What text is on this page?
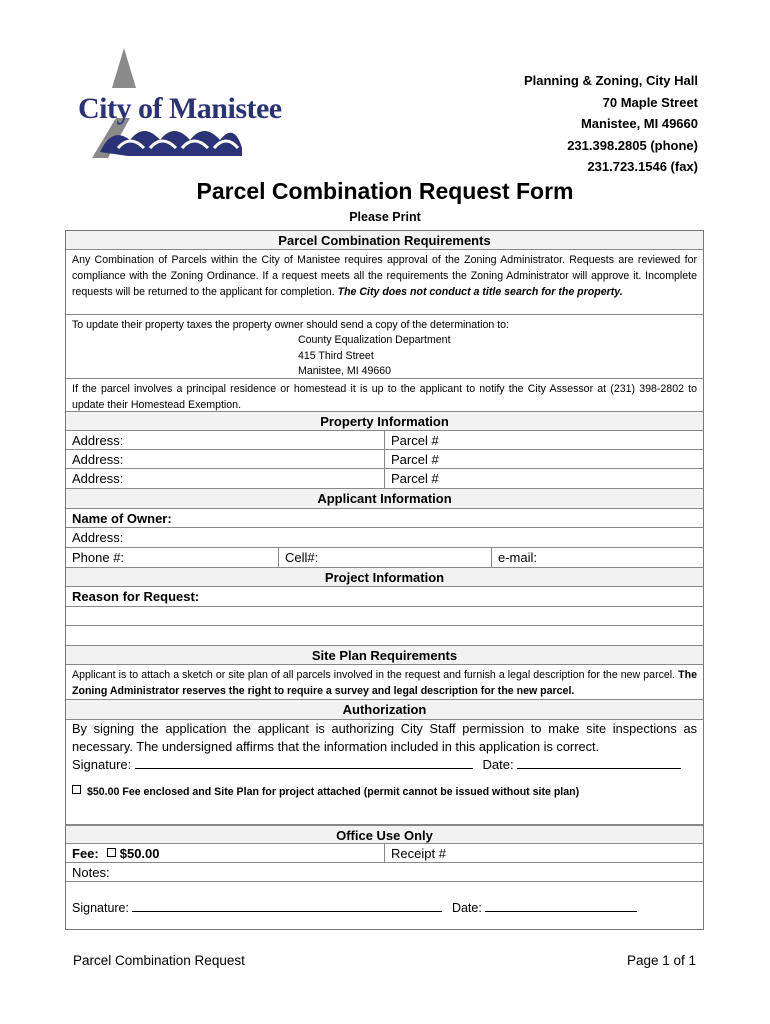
City of Manistee
Planning & Zoning, City Hall
70 Maple Street
Manistee, MI 49660
231.398.2805 (phone)
231.723.1546 (fax)
Parcel Combination Request Form
Please Print
Parcel Combination Requirements
Any Combination of Parcels within the City of Manistee requires approval of the Zoning Administrator. Requests are reviewed for compliance with the Zoning Ordinance. If a request meets all the requirements the Zoning Administrator will approve it. Incomplete requests will be returned to the applicant for completion. The City does not conduct a title search for the property.
To update their property taxes the property owner should send a copy of the determination to:
County Equalization Department
415 Third Street
Manistee, MI 49660
If the parcel involves a principal residence or homestead it is up to the applicant to notify the City Assessor at (231) 398-2802 to update their Homestead Exemption.
Property Information
Address:	Parcel #
Address:	Parcel #
Address:	Parcel #
Applicant Information
Name of Owner:
Address:
Phone #:	Cell#:	e-mail:
Project Information
Reason for Request:
Site Plan Requirements
Applicant is to attach a sketch or site plan of all parcels involved in the request and furnish a legal description for the new parcel. The Zoning Administrator reserves the right to require a survey and legal description for the new parcel.
Authorization
By signing the application the applicant is authorizing City Staff permission to make site inspections as necessary. The undersigned affirms that the information included in this application is correct.
Signature:	Date:
$50.00 Fee enclosed and Site Plan for project attached (permit cannot be issued without site plan)
Office Use Only
Fee: $50.00	Receipt #
Notes:
Signature:	Date:
Parcel Combination Request	Page 1 of 1
